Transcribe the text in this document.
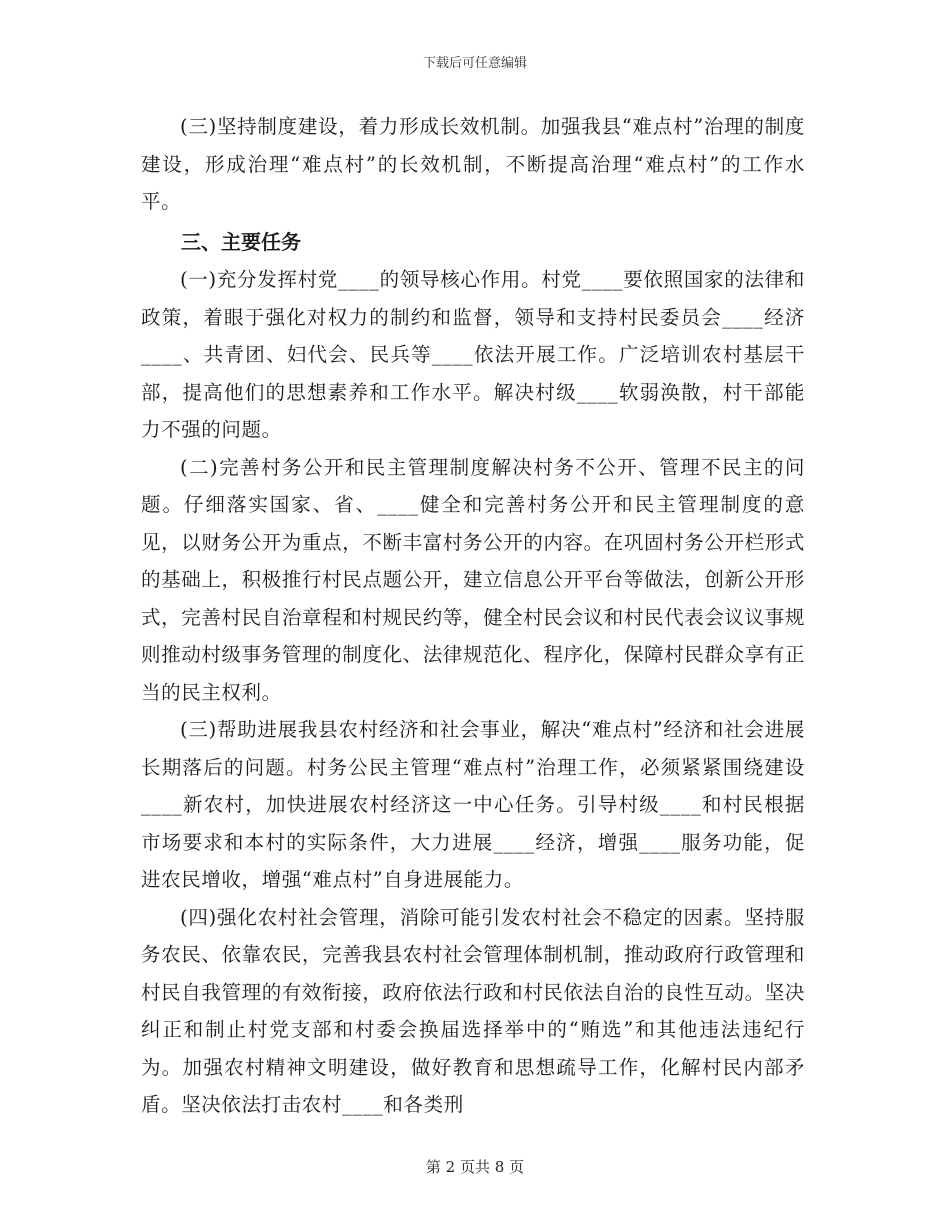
下载后可任意编辑

(三)坚持制度建设，着力形成长效机制。加强我县“难点村”治理的制度建设，形成治理“难点村”的长效机制，不断提高治理“难点村”的工作水平。

三、主要任务

(一)充分发挥村党____的领导核心作用。村党____要依照国家的法律和政策，着眼于强化对权力的制约和监督，领导和支持村民委员会____经济____、共青团、妇代会、民兵等____依法开展工作。广泛培训农村基层干部，提高他们的思想素养和工作水平。解决村级____软弱涣散，村干部能力不强的问题。

(二)完善村务公开和民主管理制度解决村务不公开、管理不民主的问题。仔细落实国家、省、____健全和完善村务公开和民主管理制度的意见，以财务公开为重点，不断丰富村务公开的内容。在巩固村务公开栏形式的基础上，积极推行村民点题公开，建立信息公开平台等做法，创新公开形式，完善村民自治章程和村规民约等，健全村民会议和村民代表会议议事规则推动村级事务管理的制度化、法律规范化、程序化，保障村民群众享有正当的民主权利。

(三)帮助进展我县农村经济和社会事业，解决“难点村”经济和社会进展长期落后的问题。村务公民主管理“难点村”治理工作，必须紧紧围绕建设____新农村，加快进展农村经济这一中心任务。引导村级____和村民根据市场要求和本村的实际条件，大力进展____经济，增强____服务功能，促进农民增收，增强“难点村”自身进展能力。

(四)强化农村社会管理，消除可能引发农村社会不稳定的因素。坚持服务农民、依靠农民，完善我县农村社会管理体制机制，推动政府行政管理和村民自我管理的有效衔接，政府依法行政和村民依法自治的良性互动。坚决纠正和制止村党支部和村委会换届选择举中的“贿选”和其他违法违纪行为。加强农村精神文明建设，做好教育和思想疏导工作，化解村民内部矛盾。坚决依法打击农村____和各类刑

第 2 页共 8 页
